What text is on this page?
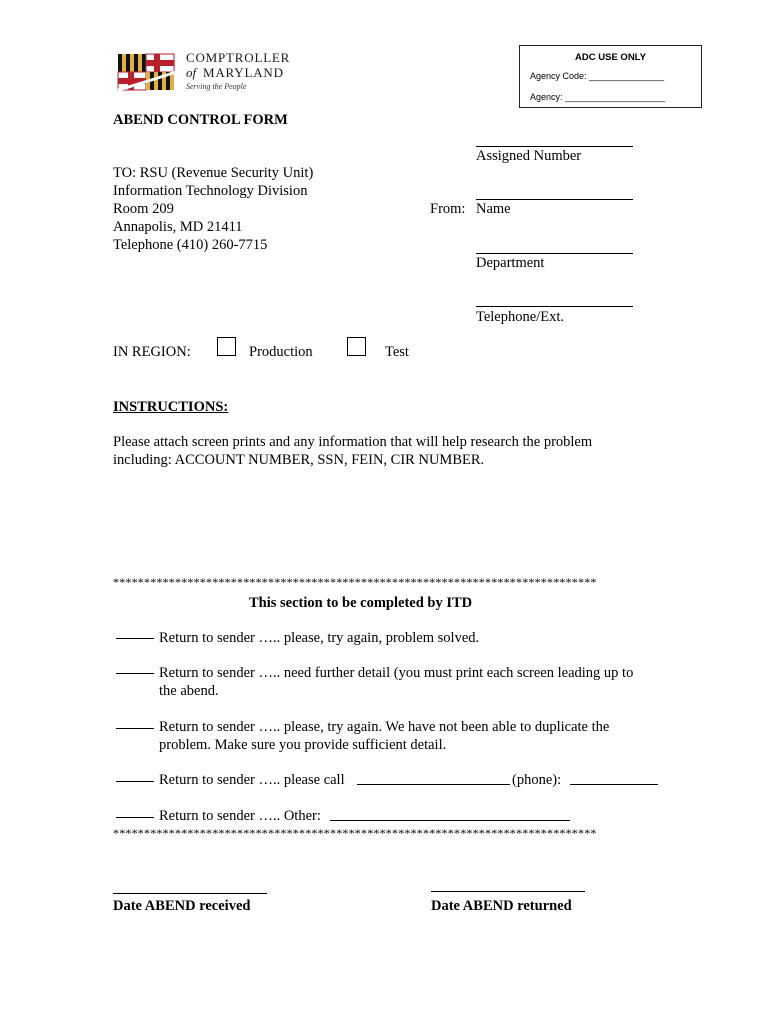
COMPTROLLER
of MARYLAND
Serving the People
ADC USE ONLY
Agency Code: _______________
Agency: ____________________
ABEND CONTROL FORM
TO: RSU (Revenue Security Unit)
Information Technology Division
Room 209
Annapolis, MD 21411
Telephone (410) 260-7715
Assigned Number
From: Name
Department
Telephone/Ext.
IN REGION:	Production	Test
INSTRUCTIONS:
Please attach screen prints and any information that will help research the problem
including: ACCOUNT NUMBER, SSN, FEIN, CIR NUMBER.
******************************************************************************
This section to be completed by ITD
Return to sender ….. please, try again, problem solved.
Return to sender ….. need further detail (you must print each screen leading up to
the abend.
Return to sender ….. please, try again. We have not been able to duplicate the
problem. Make sure you provide sufficient detail.
Return to sender ….. please call	(phone):
Return to sender ….. Other:
******************************************************************************
Date ABEND received	Date ABEND returned
